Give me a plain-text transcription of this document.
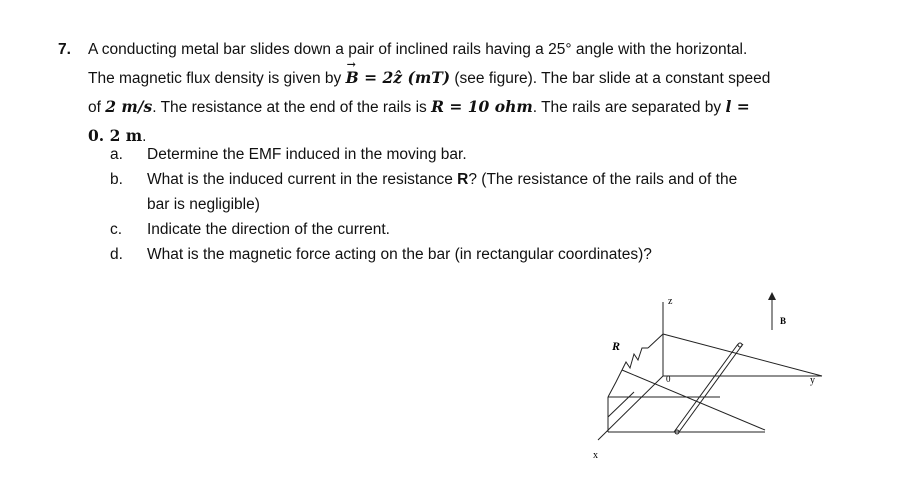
7. A conducting metal bar slides down a pair of inclined rails having a 25° angle with the horizontal.
The magnetic flux density is given by → B = 2ẑ (mT) (see figure). The bar slide at a constant speed
of 2 m/s. The resistance at the end of the rails is R = 10 ohm. The rails are separated by l =
0. 2 m.
a. Determine the EMF induced in the moving bar.
b. What is the induced current in the resistance R? (The resistance of the rails and of the
bar is negligible)
c. Indicate the direction of the current.
d. What is the magnetic force acting on the bar (in rectangular coordinates)?
z
B
R
y
0
x
